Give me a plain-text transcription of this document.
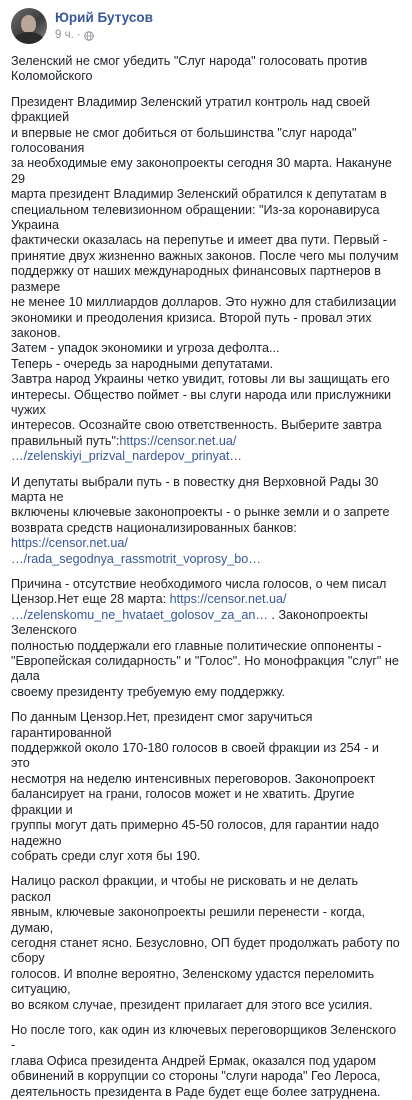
Юрий Бутусов
9 ч. ·

Зеленский не смог убедить "Слуг народа" голосовать против
Коломойского

Президент Владимир Зеленский утратил контроль над своей фракцией
и впервые не смог добиться от большинства "слуг народа" голосования
за необходимые ему законопроекты сегодня 30 марта. Накануне 29
марта президент Владимир Зеленский обратился к депутатам в
специальном телевизионном обращении: "Из-за коронавируса Украина
фактически оказалась на перепутье и имеет два пути. Первый -
принятие двух жизненно важных законов. После чего мы получим
поддержку от наших международных финансовых партнеров в размере
не менее 10 миллиардов долларов. Это нужно для стабилизации
экономики и преодоления кризиса. Второй путь - провал этих законов.
Затем - упадок экономики и угроза дефолта...
Теперь - очередь за народными депутатами.
Завтра народ Украины четко увидит, готовы ли вы защищать его
интересы. Общество поймет - вы слуги народа или прислужники чужих
интересов. Осознайте свою ответственность. Выберите завтра
правильный путь":https://censor.net.ua/
…/zelenskiyi_prizval_nardepov_prinyat…

И депутаты выбрали путь - в повестку дня Верховной Рады 30 марта не
включены ключевые законопроекты - о рынке земли и о запрете
возврата средств национализированных банков: https://censor.net.ua/
…/rada_segodnya_rassmotrit_voprosy_bo…

Причина - отсутствие необходимого числа голосов, о чем писал
Цензор.Нет еще 28 марта: https://censor.net.ua/
…/zelenskomu_ne_hvataet_golosov_za_an… . Законопроекты Зеленского
полностью поддержали его главные политические оппоненты -
"Европейская солидарность" и "Голос". Но монофракция "слуг" не дала
своему президенту требуемую ему поддержку.

По данным Цензор.Нет, президент смог заручиться гарантированной
поддержкой около 170-180 голосов в своей фракции из 254 - и это
несмотря на неделю интенсивных переговоров. Законопроект
балансирует на грани, голосов может и не хватить. Другие фракции и
группы могут дать примерно 45-50 голосов, для гарантии надо надежно
собрать среди слуг хотя бы 190.

Налицо раскол фракции, и чтобы не рисковать и не делать раскол
явным, ключевые законопроекты решили перенести - когда, думаю,
сегодня станет ясно. Безусловно, ОП будет продолжать работу по сбору
голосов. И вполне вероятно, Зеленскому удастся переломить ситуацию,
во всяком случае, президент прилагает для этого все усилия.

Но после того, как один из ключевых переговорщиков Зеленского -
глава Офиса президента Андрей Ермак, оказался под ударом
обвинений в коррупции со стороны "слуги народа" Гео Лероса,
деятельность президента в Раде будет еще более затруднена.
